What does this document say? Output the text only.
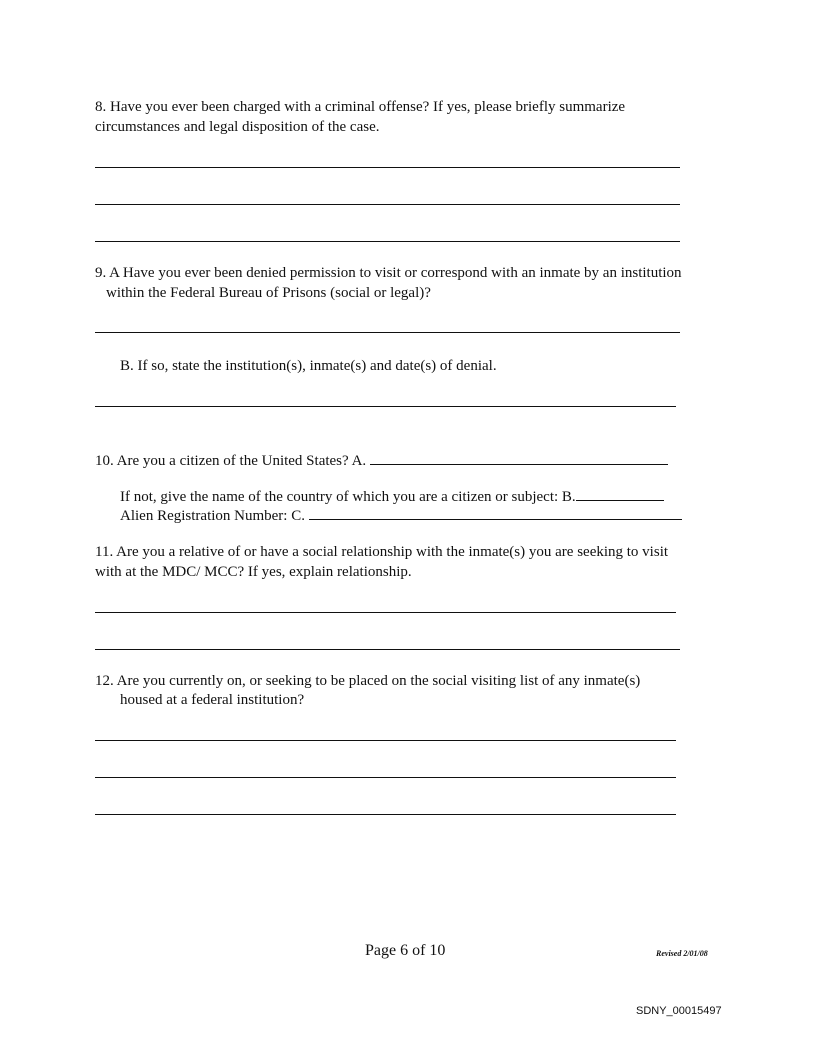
8. Have you ever been charged with a criminal offense? If yes, please briefly summarize
circumstances and legal disposition of the case.
9. A Have you ever been denied permission to visit or correspond with an inmate by an institution
within the Federal Bureau of Prisons (social or legal)?
B. If so, state the institution(s), inmate(s) and date(s) of denial.
10. Are you a citizen of the United States? A.
If not, give the name of the country of which you are a citizen or subject: B.
Alien Registration Number: C.
11. Are you a relative of or have a social relationship with the inmate(s) you are seeking to visit
with at the MDC/ MCC? If yes, explain relationship.
12. Are you currently on, or seeking to be placed on the social visiting list of any inmate(s)
housed at a federal institution?
Page 6 of 10	Revised 2/01/08
SDNY_00015497
